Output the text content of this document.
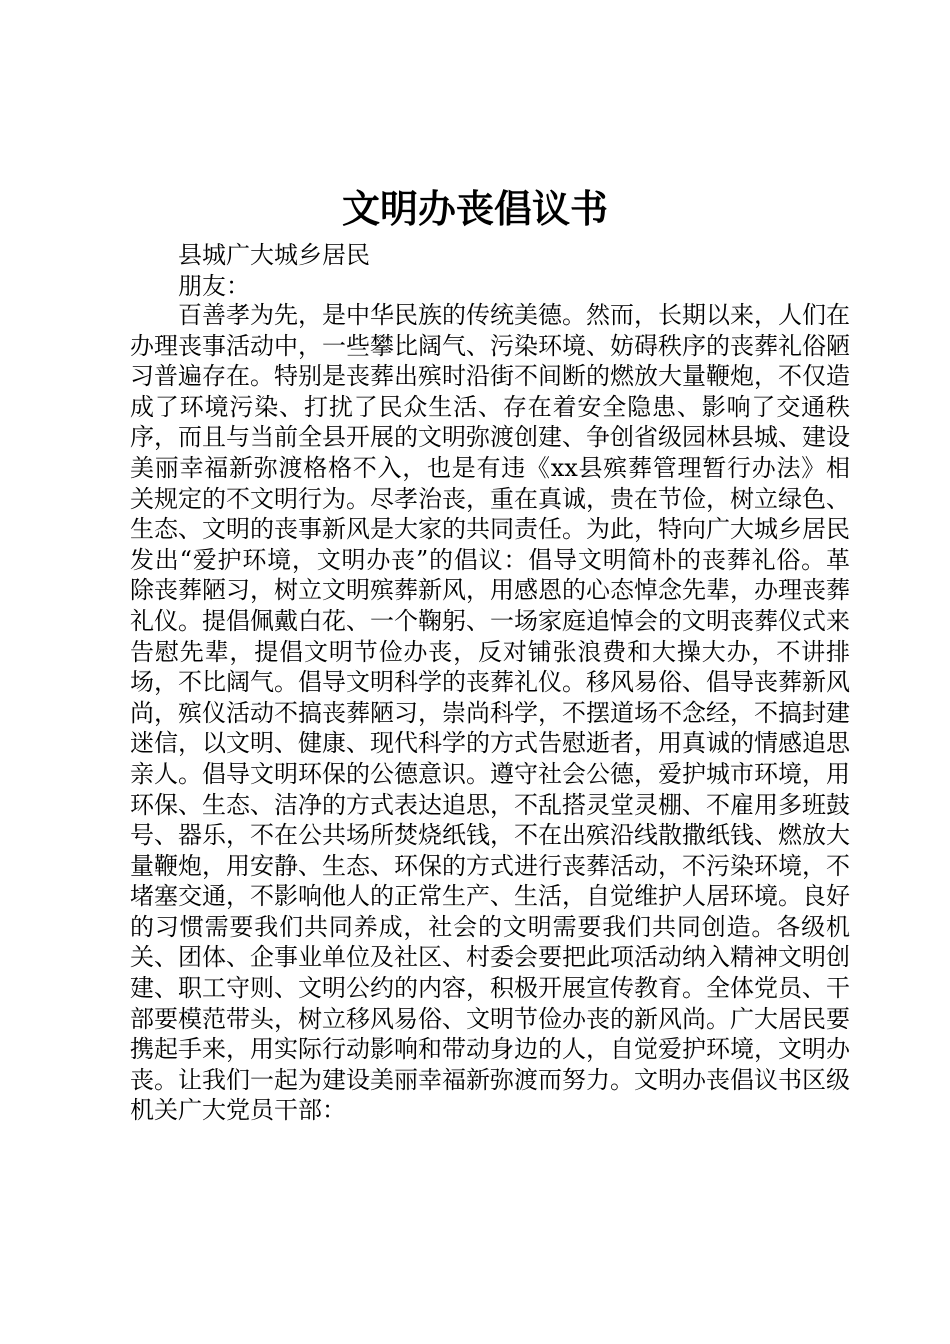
文明办丧倡议书
县城广大城乡居民
朋友：

百善孝为先，是中华民族的传统美德。然而，长期以来，人们在办理丧事活动中，一些攀比阔气、污染环境、妨碍秩序的丧葬礼俗陋习普遍存在。特别是丧葬出殡时沿街不间断的燃放大量鞭炮，不仅造成了环境污染、打扰了民众生活、存在着安全隐患、影响了交通秩序，而且与当前全县开展的文明弥渡创建、争创省级园林县城、建设美丽幸福新弥渡格格不入，也是有违《xx县殡葬管理暂行办法》相关规定的不文明行为。尽孝治丧，重在真诚，贵在节俭，树立绿色、生态、文明的丧事新风是大家的共同责任。为此，特向广大城乡居民发出“爱护环境，文明办丧”的倡议：倡导文明简朴的丧葬礼俗。革除丧葬陋习，树立文明殡葬新风，用感恩的心态悼念先辈，办理丧葬礼仪。提倡佩戴白花、一个鞠躬、一场家庭追悼会的文明丧葬仪式来告慰先辈，提倡文明节俭办丧，反对铺张浪费和大操大办，不讲排场，不比阔气。倡导文明科学的丧葬礼仪。移风易俗、倡导丧葬新风尚，殡仪活动不搞丧葬陋习，崇尚科学，不摆道场不念经，不搞封建迷信，以文明、健康、现代科学的方式告慰逝者，用真诚的情感追思亲人。倡导文明环保的公德意识。遵守社会公德，爱护城市环境，用环保、生态、洁净的方式表达追思，不乱搭灵堂灵棚、不雇用多班鼓号、器乐，不在公共场所焚烧纸钱，不在出殡沿线散撒纸钱、燃放大量鞭炮，用安静、生态、环保的方式进行丧葬活动，不污染环境，不堵塞交通，不影响他人的正常生产、生活，自觉维护人居环境。良好的习惯需要我们共同养成，社会的文明需要我们共同创造。各级机关、团体、企事业单位及社区、村委会要把此项活动纳入精神文明创建、职工守则、文明公约的内容，积极开展宣传教育。全体党员、干部要模范带头，树立移风易俗、文明节俭办丧的新风尚。广大居民要携起手来，用实际行动影响和带动身边的人，自觉爱护环境，文明办丧。让我们一起为建设美丽幸福新弥渡而努力。文明办丧倡议书区级机关广大党员干部：
